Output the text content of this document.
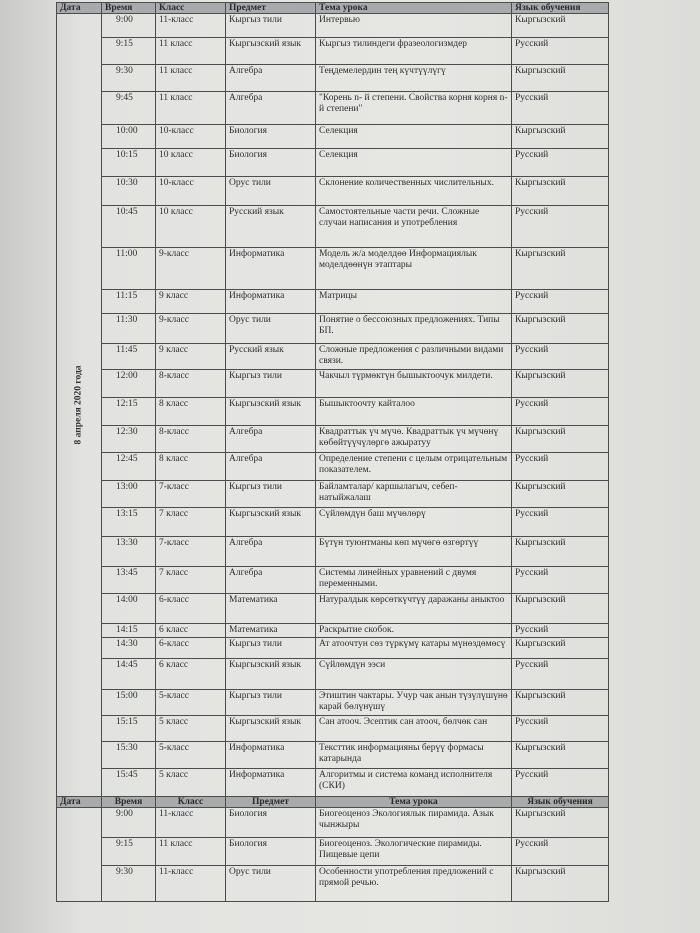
Дата	Время	Класс	Предмет	Тема урока	Язык обучения

8 апреля 2020 года	9:00	11-класс	Кыргыз тили	Интервью	Кыргызский
	9:15	11 класс	Кыргызский язык	Кыргыз тилиндеги фразеологизмдер	Русский
	9:30	11 класс	Алгебра	Теңдемелердин тең күчтүүлүгү	Кыргызский
	9:45	11 класс	Алгебра	"Корень n- й степени. Свойства корня корня n-й степени"	Русский
	10:00	10-класс	Биология	Селекция	Кыргызский
	10:15	10 класс	Биология	Селекция	Русский
	10:30	10-класс	Орус тили	Склонение количественных числительных.	Кыргызский
	10:45	10 класс	Русский язык	Самостоятельные части речи. Сложные случаи написания и употребления	Русский
	11:00	9-класс	Информатика	Модель ж/а моделдөө Информациялык моделдөөнүн этаптары	Кыргызский
	11:15	9 класс	Информатика	Матрицы	Русский
	11:30	9-класс	Орус тили	Понятие о бессоюзных предложениях. Типы БП.	Кыргызский
	11:45	9 класс	Русский язык	Сложные предложения с различными видами связи.	Русский
	12:00	8-класс	Кыргыз тили	Чакчыл түрмөктүн бышыктоочук милдети.	Кыргызский
	12:15	8 класс	Кыргызский язык	Бышыктоочту кайталоо	Русский
	12:30	8-класс	Алгебра	Квадраттык үч мүчө. Квадраттык үч мүчөнү көбөйтүүчүлөргө ажыратуу	Кыргызский
	12:45	8 класс	Алгебра	Определение степени с целым отрицательным показателем.	Русский
	13:00	7-класс	Кыргыз тили	Байламталар/ каршылагыч, себеп-натыйжалаш	Кыргызский
	13:15	7 класс	Кыргызский язык	Сүйлөмдүн баш мүчөлөрү	Русский
	13:30	7-класс	Алгебра	Бүтүн туюнтманы көп мүчөгө өзгөртүү	Кыргызский
	13:45	7 класс	Алгебра	Системы линейных уравнений с двумя переменными.	Русский
	14:00	6-класс	Математика	Натуралдык көрсөткүчтүү даражаны аныктоо	Кыргызский
	14:15	6 класс	Математика	Раскрытие скобок.	Русский
	14:30	6-класс	Кыргыз тили	Ат атоочтун сөз түркүмү катары мүнөздөмөсү	Кыргызский
	14:45	6 класс	Кыргызский язык	Сүйлөмдүн ээси	Русский
	15:00	5-класс	Кыргыз тили	Этиштин чактары. Учур чак анын түзүлүшүнө карай бөлүнүшү	Кыргызский
	15:15	5 класс	Кыргызский язык	Сан атооч. Эсептик сан атооч, бөлчөк сан	Русский
	15:30	5-класс	Информатика	Тексттик информацияны берүү формасы катарында	Кыргызский
	15:45	5 класс	Информатика	Алгоритмы и система команд исполнителя (СКИ)	Русский
Дата	Время	Класс	Предмет	Тема урока	Язык обучения
	9:00	11-класс	Биология	Биогеоценоз Экологиялык пирамида. Азык чынжыры	Кыргызский
	9:15	11 класс	Биология	Биогеоценоз. Экологические пирамиды. Пищевые цепи	Русский
	9:30	11-класс	Орус тили	Особенности употребления предложений с прямой речью.	Кыргызский
